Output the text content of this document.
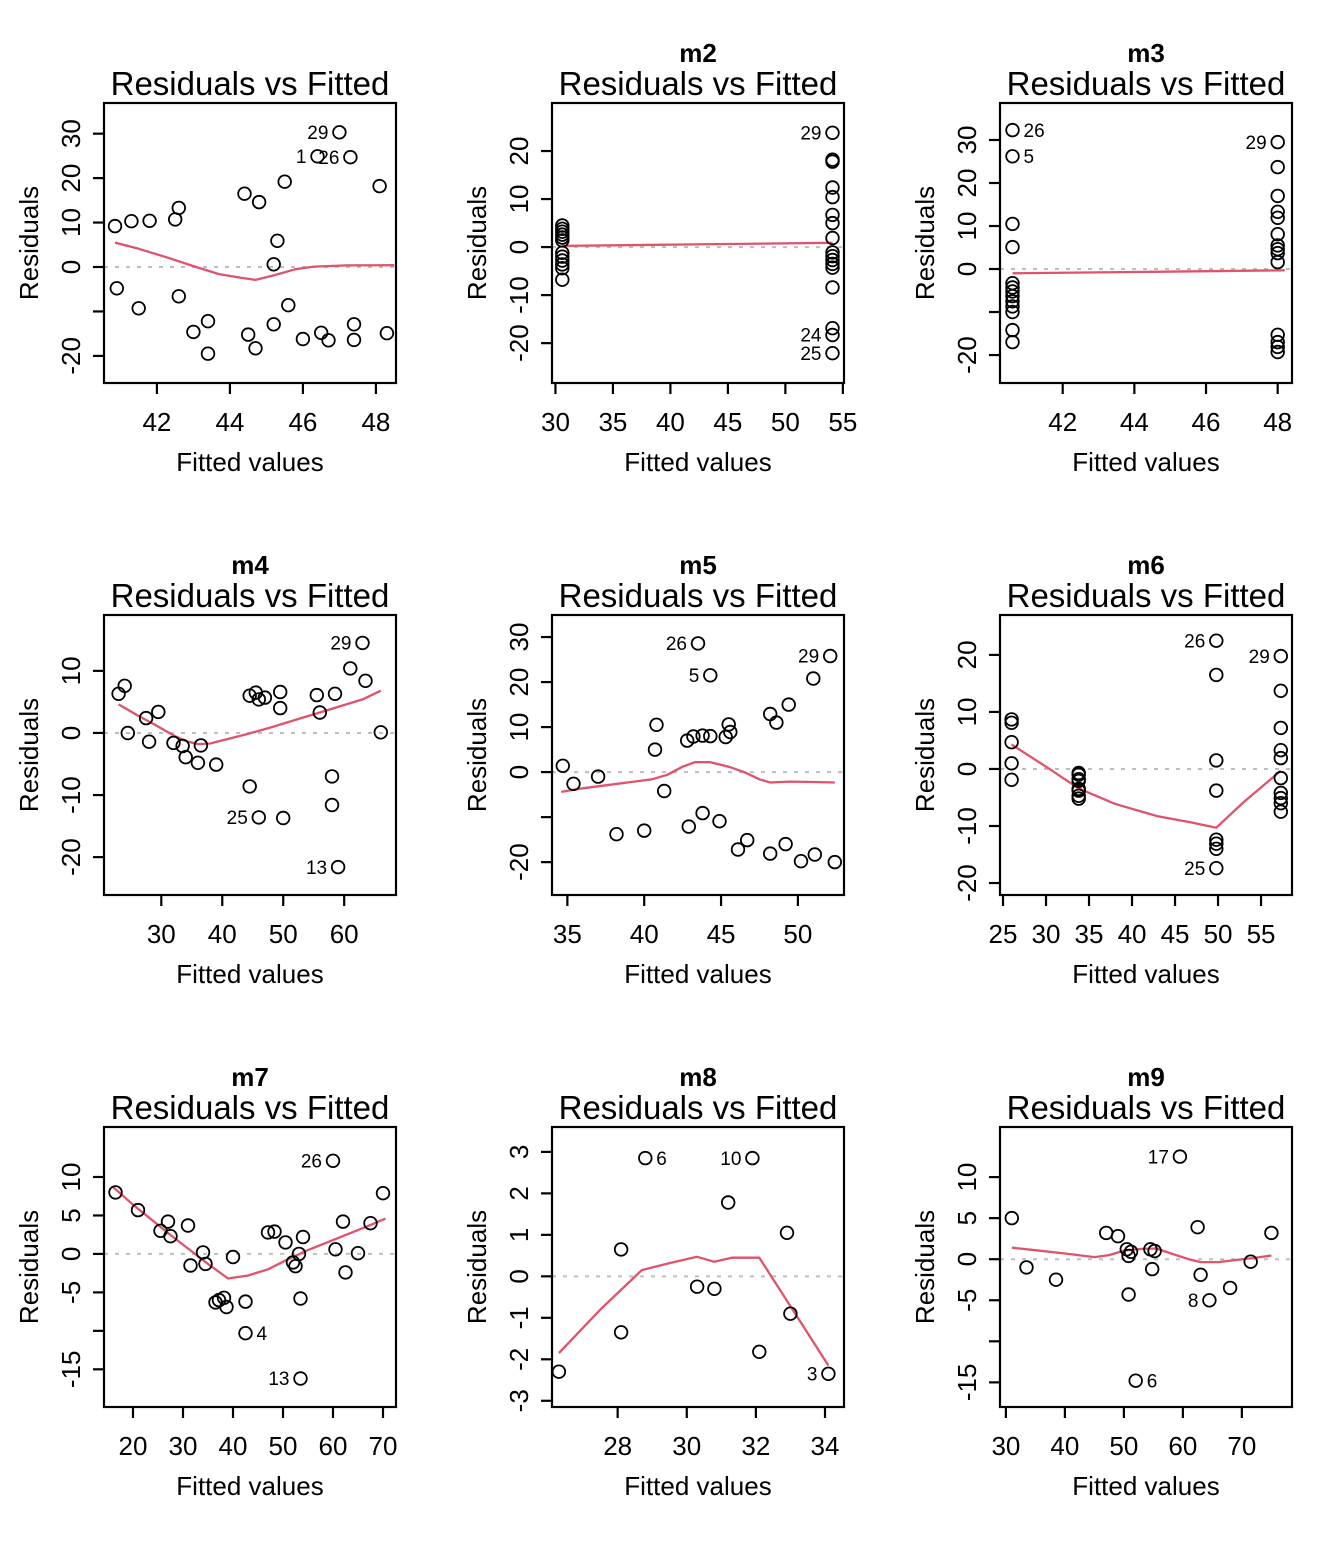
42 44 46 48
-20
0
10
20
30
Residuals vs Fitted
Fitted values
Residuals
29
1 26
30 35 40 45 50 55
-20
-10
0
10
20
m2
Residuals vs Fitted
Fitted values
Residuals
29
24
25
42 44 46 48
-20
0
10
20
30
m3
Residuals vs Fitted
Fitted values
Residuals
26
5
29
30 40 50 60
-20
-10
0
10
m4
Residuals vs Fitted
Fitted values
Residuals
29
25
13
35 40 45 50
-20
0
10
20
30
m5
Residuals vs Fitted
Fitted values
Residuals
26
5
29
25 30 35 40 45 50 55
-20
-10
0
10
20
m6
Residuals vs Fitted
Fitted values
Residuals
26
25
29
20 30 40 50 60 70
-15
-5
0
5
10
m7
Residuals vs Fitted
Fitted values
Residuals
26
4
13
28 30 32 34
-3
-2
-1
0
1
2
3
m8
Residuals vs Fitted
Fitted values
Residuals
6	10
3
30 40 50 60 70
-15
-5
0
5
10
m9
Residuals vs Fitted
Fitted values
Residuals
17
6
8
